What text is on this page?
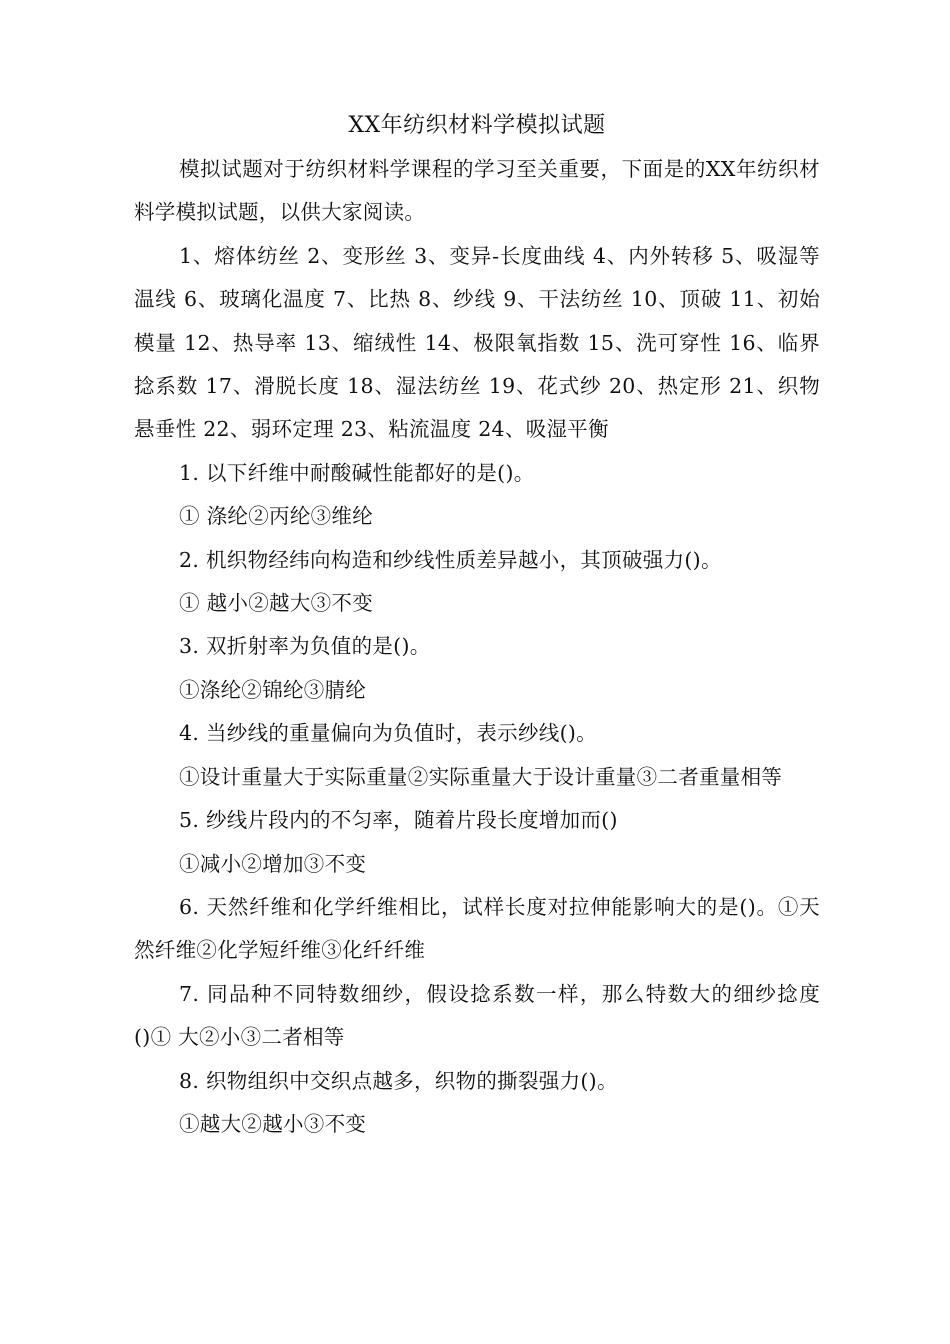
XX年纺织材料学模拟试题

模拟试题对于纺织材料学课程的学习至关重要，下面是的XX年纺织材料学模拟试题，以供大家阅读。

1、熔体纺丝 2、变形丝 3、变异-长度曲线 4、内外转移 5、吸湿等温线 6、玻璃化温度 7、比热 8、纱线 9、干法纺丝 10、顶破 11、初始模量 12、热导率 13、缩绒性 14、极限氧指数 15、洗可穿性 16、临界捻系数 17、滑脱长度 18、湿法纺丝 19、花式纱 20、热定形 21、织物悬垂性 22、弱环定理 23、粘流温度 24、吸湿平衡

1. 以下纤维中耐酸碱性能都好的是()。

① 涤纶②丙纶③维纶

2. 机织物经纬向构造和纱线性质差异越小，其顶破强力()。

① 越小②越大③不变

3. 双折射率为负值的是()。

①涤纶②锦纶③腈纶

4. 当纱线的重量偏向为负值时，表示纱线()。

①设计重量大于实际重量②实际重量大于设计重量③二者重量相等

5. 纱线片段内的不匀率，随着片段长度增加而()

①减小②增加③不变

6. 天然纤维和化学纤维相比，试样长度对拉伸能影响大的是()。①天然纤维②化学短纤维③化纤纤维

7. 同品种不同特数细纱，假设捻系数一样，那么特数大的细纱捻度()① 大②小③二者相等

8. 织物组织中交织点越多，织物的撕裂强力()。

①越大②越小③不变
